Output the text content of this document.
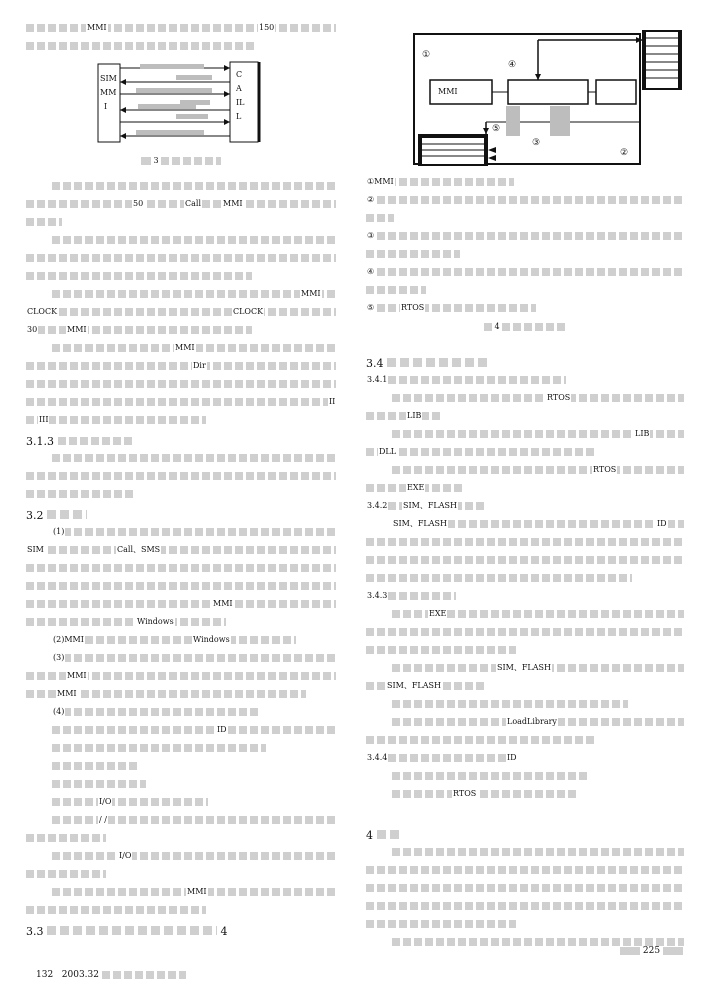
MMI	150
SIM
MM
I
C
A
IL
L
3
50	Call	MMI
MMI
CLOCK	CLOCK
30	MMI
MMI
Dir
II
III
3.1.3
3.2
(1)
SIM	Call、SMS
MMI
Windows
(2)MMI	Windows
(3)
MMI
MMI
(4)
ID
I/O
/ /
I/O
MMI
3.3	4
MMI
①
④
⑤
③
②
①MMI
②
③
④
⑤	RTOS
4
3.4
3.4.1
RTOS
LIB
LIB
DLL
RTOS
EXE
3.4.2 SIM、FLASH
SIM、FLASH	ID
3.4.3
EXE
SIM、FLASH
SIM、FLASH
LoadLibrary
3.4.4	ID
RTOS
4
225
132 2003.32
